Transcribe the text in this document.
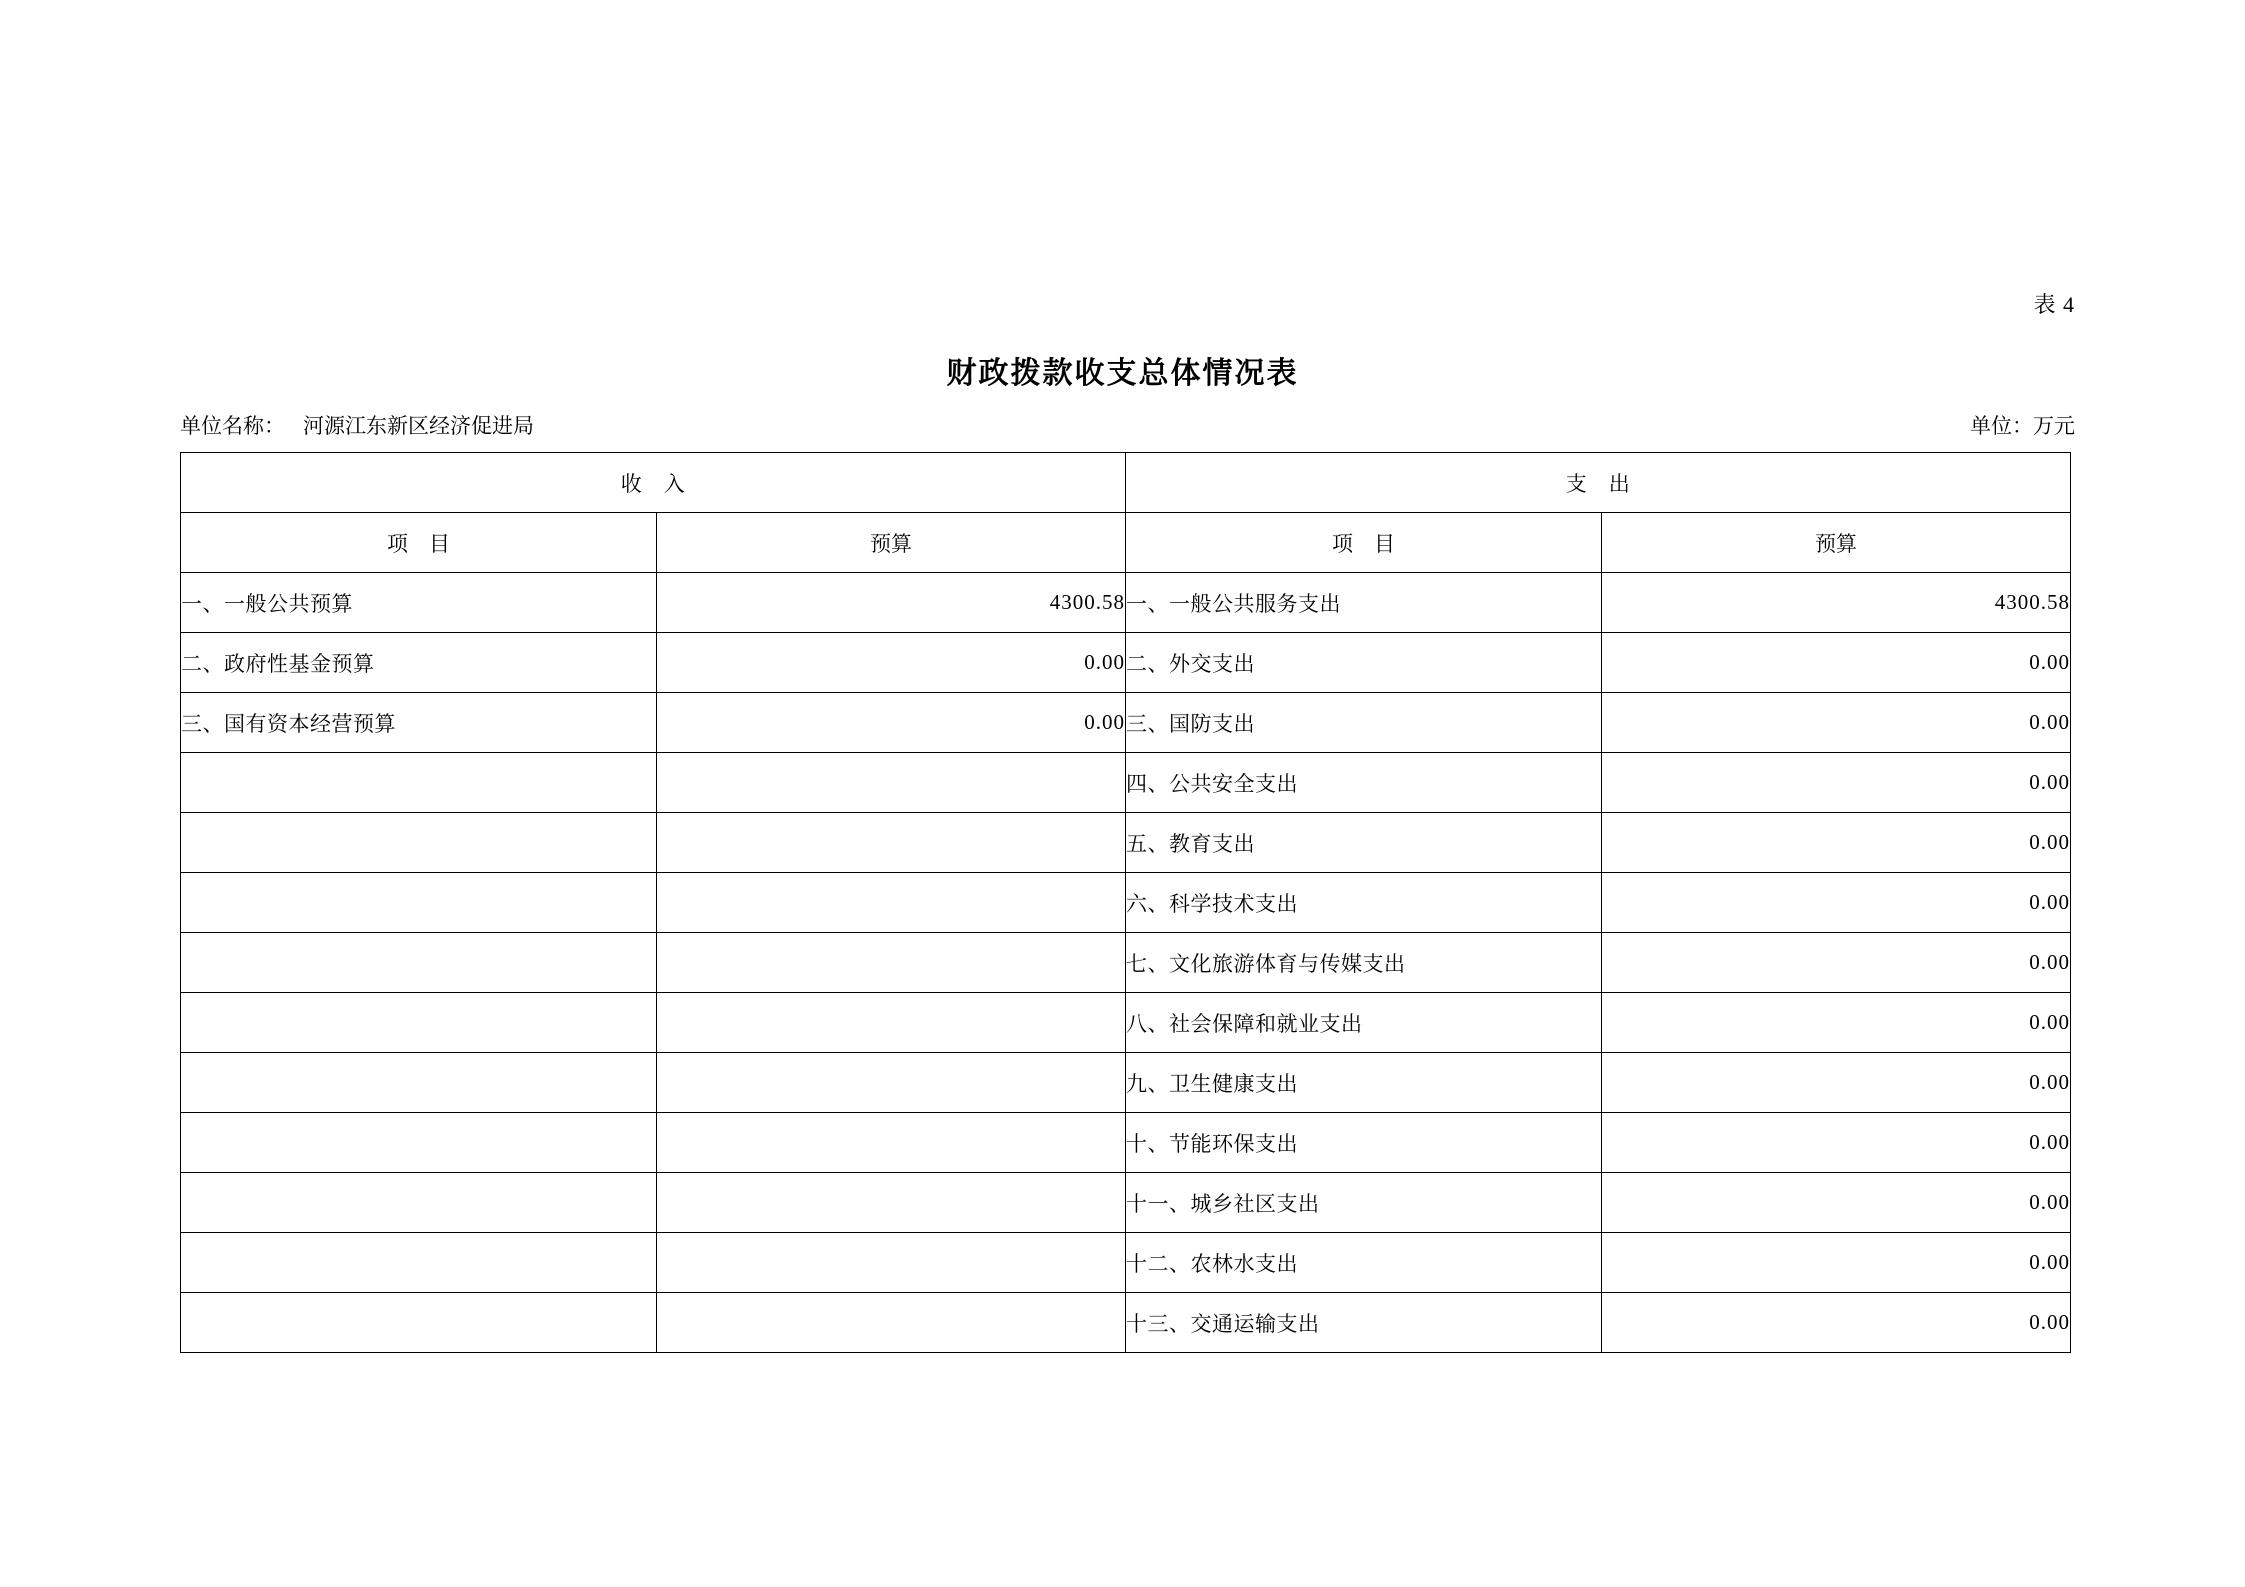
表 4
财政拨款收支总体情况表
单位名称： 河源江东新区经济促进局	单位：万元
收　入		支　出	
项　目	预算	项　目	预算
一、一般公共预算	4300.58	一、一般公共服务支出	4300.58
二、政府性基金预算	0.00	二、外交支出	0.00
三、国有资本经营预算	0.00	三、国防支出	0.00
		四、公共安全支出	0.00
		五、教育支出	0.00
		六、科学技术支出	0.00
		七、文化旅游体育与传媒支出	0.00
		八、社会保障和就业支出	0.00
		九、卫生健康支出	0.00
		十、节能环保支出	0.00
		十一、城乡社区支出	0.00
		十二、农林水支出	0.00
		十三、交通运输支出	0.00
